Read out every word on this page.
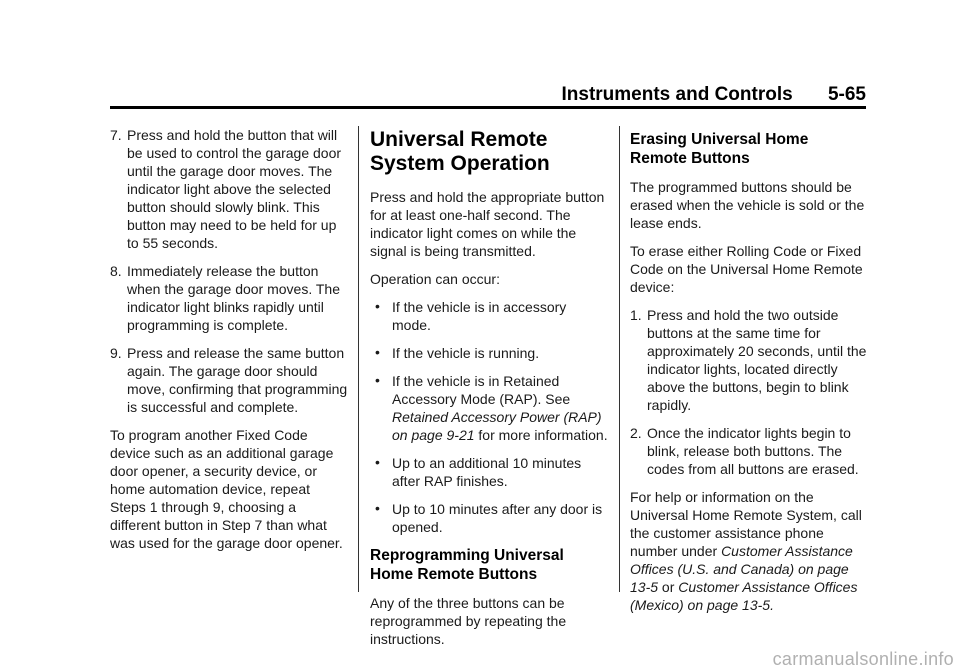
Instruments and Controls 5-65
7. Press and hold the button that will be used to control the garage door until the garage door moves. The indicator light above the selected button should slowly blink. This button may need to be held for up to 55 seconds.
8. Immediately release the button when the garage door moves. The indicator light blinks rapidly until programming is complete.
9. Press and release the same button again. The garage door should move, confirming that programming is successful and complete.

To program another Fixed Code device such as an additional garage door opener, a security device, or home automation device, repeat Steps 1 through 9, choosing a different button in Step 7 than what was used for the garage door opener.

Universal Remote System Operation

Press and hold the appropriate button for at least one-half second. The indicator light comes on while the signal is being transmitted.

Operation can occur:

• If the vehicle is in accessory mode.
• If the vehicle is running.
• If the vehicle is in Retained Accessory Mode (RAP). See Retained Accessory Power (RAP) on page 9-21 for more information.
• Up to an additional 10 minutes after RAP finishes.
• Up to 10 minutes after any door is opened.
Reprogramming Universal Home Remote Buttons

Any of the three buttons can be reprogrammed by repeating the instructions.

Erasing Universal Home Remote Buttons

The programmed buttons should be erased when the vehicle is sold or the lease ends.

To erase either Rolling Code or Fixed Code on the Universal Home Remote device:

1. Press and hold the two outside buttons at the same time for approximately 20 seconds, until the indicator lights, located directly above the buttons, begin to blink rapidly.
2. Once the indicator lights begin to blink, release both buttons. The codes from all buttons are erased.

For help or information on the Universal Home Remote System, call the customer assistance phone number under Customer Assistance Offices (U.S. and Canada) on page 13-5 or Customer Assistance Offices (Mexico) on page 13-5.

carmanualsonline.info
